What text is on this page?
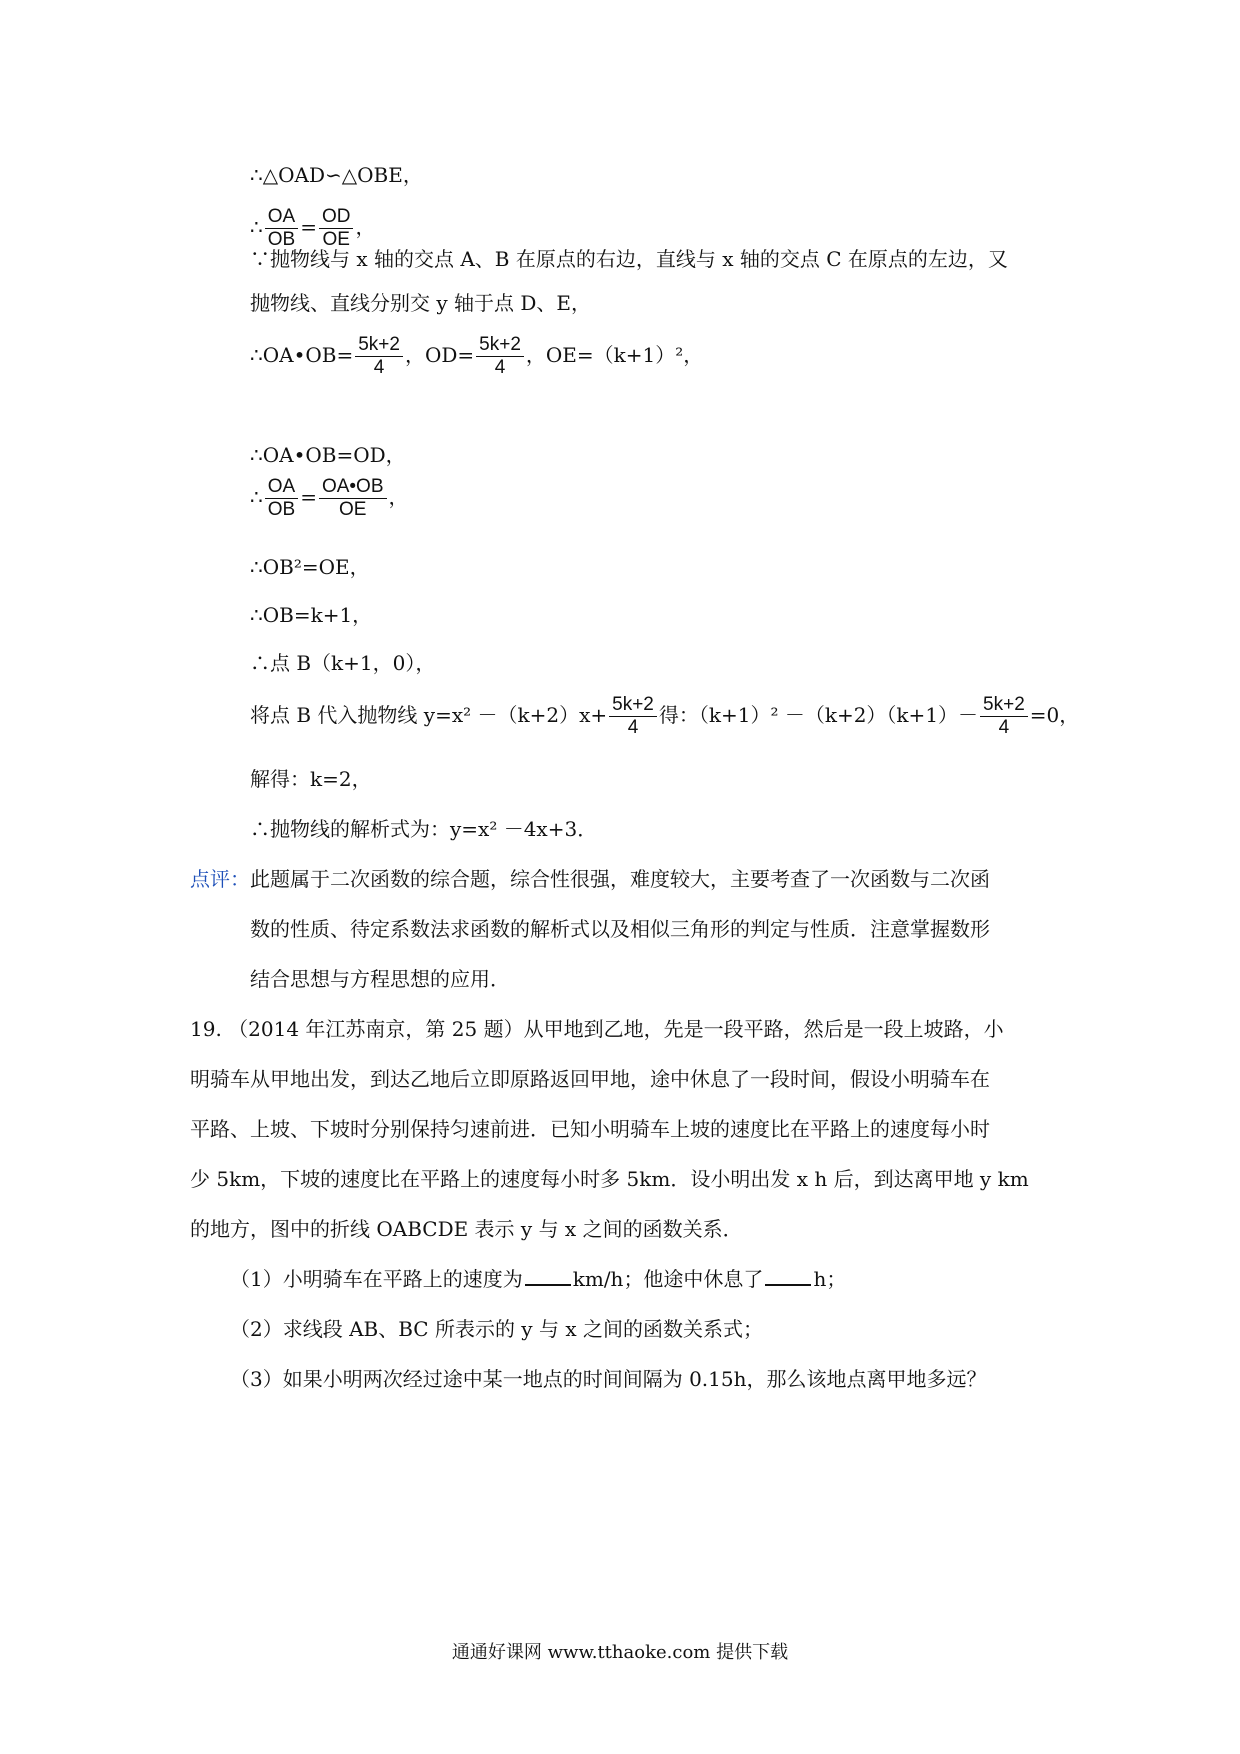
∴△OAD∽△OBE，
∴ $\frac{OA}{OB} = \frac{OD}{OE}$ ，
∵抛物线与 x 轴的交点 A、B 在原点的右边，直线与 x 轴的交点 C 在原点的左边，又
抛物线、直线分别交 y 轴于点 D、E，
∴OA•OB= $\frac{5k+2}{4}$ ，$OD= \frac{5k+2}{4}$ ，OE=（k+1）²，
∴OA•OB=OD，
∴ $\frac{OA}{OB} = \frac{OA•OB}{OE}$ ，
∴OB²=OE，
∴OB=k+1，
∴点 B（k+1，0），
将点 B 代入抛物线 $y=x^2 -(k+2)x+ \frac{5k+2}{4}$ 得：$(k+1)^2 -(k+2)(k+1)- \frac{5k+2}{4} =0$，
解得：k=2，
∴抛物线的解析式为：y=x² －4x+3．
点评：此题属于二次函数的综合题，综合性很强，难度较大，主要考查了一次函数与二次函
数的性质、待定系数法求函数的解析式以及相似三角形的判定与性质．注意掌握数形
结合思想与方程思想的应用．
19. （2014 年江苏南京，第 25 题）从甲地到乙地，先是一段平路，然后是一段上坡路，小
明骑车从甲地出发，到达乙地后立即原路返回甲地，途中休息了一段时间，假设小明骑车在
平路、上坡、下坡时分别保持匀速前进．已知小明骑车上坡的速度比在平路上的速度每小时
少 5km，下坡的速度比在平路上的速度每小时多 5km．设小明出发 x h 后，到达离甲地 y km
的地方，图中的折线 OABCDE 表示 y 与 x 之间的函数关系．
（1）小明骑车在平路上的速度为	km/h；他途中休息了	h；
（2）求线段 AB、BC 所表示的 y 与 x 之间的函数关系式；
（3）如果小明两次经过途中某一地点的时间间隔为 0.15h，那么该地点离甲地多远？
通通好课网 www.tthaoke.com 提供下载
